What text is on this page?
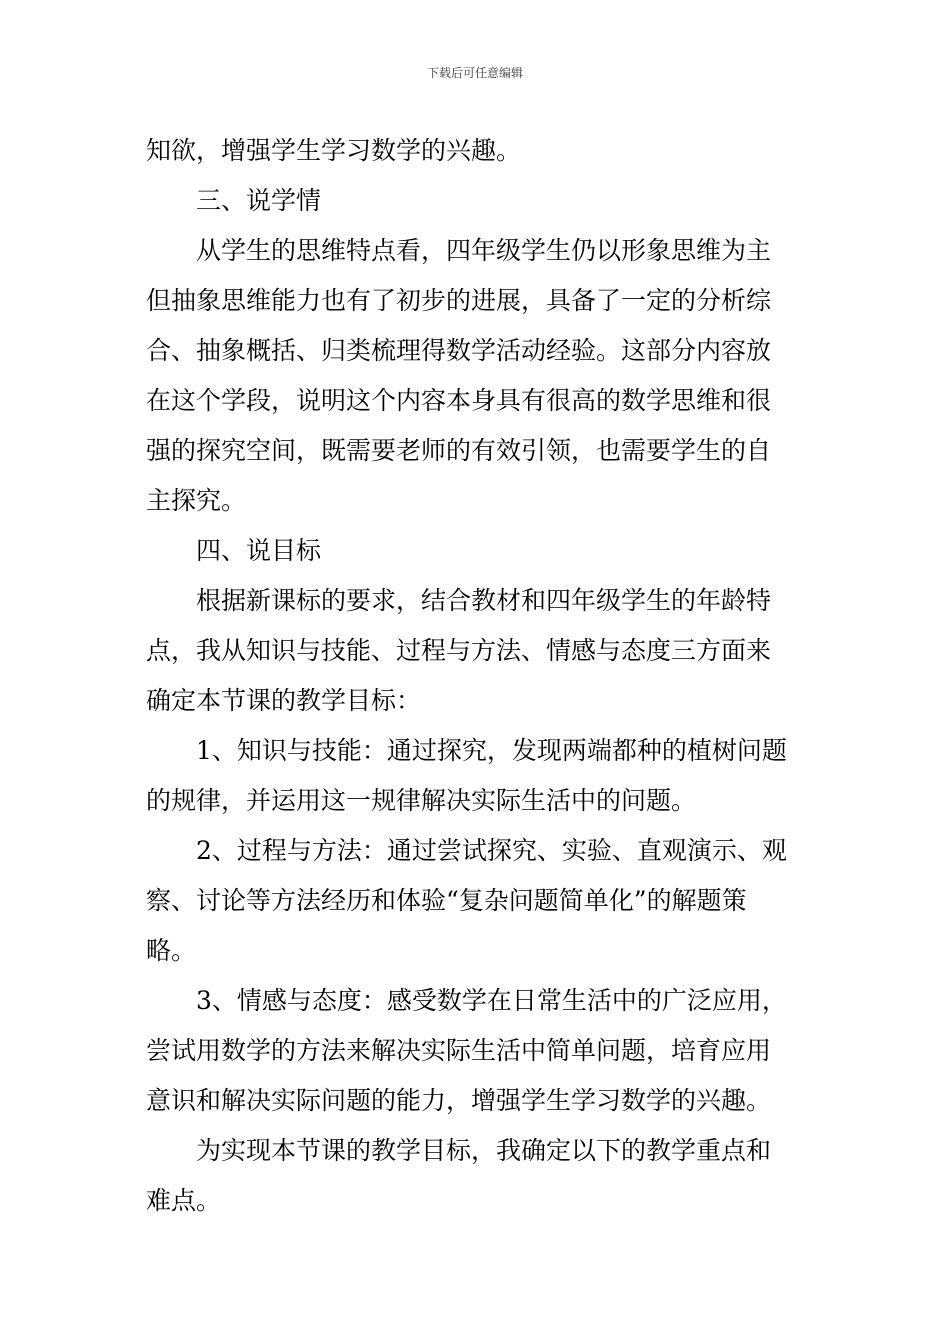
下载后可任意编辑
知欲，增强学生学习数学的兴趣。
三、说学情
从学生的思维特点看，四年级学生仍以形象思维为主
但抽象思维能力也有了初步的进展，具备了一定的分析综
合、抽象概括、归类梳理得数学活动经验。这部分内容放
在这个学段，说明这个内容本身具有很高的数学思维和很
强的探究空间，既需要老师的有效引领，也需要学生的自
主探究。
四、说目标
根据新课标的要求，结合教材和四年级学生的年龄特
点，我从知识与技能、过程与方法、情感与态度三方面来
确定本节课的教学目标：
1、知识与技能：通过探究，发现两端都种的植树问题
的规律，并运用这一规律解决实际生活中的问题。
2、过程与方法：通过尝试探究、实验、直观演示、观
察、讨论等方法经历和体验“复杂问题简单化”的解题策
略。
3、情感与态度：感受数学在日常生活中的广泛应用，
尝试用数学的方法来解决实际生活中简单问题，培育应用
意识和解决实际问题的能力，增强学生学习数学的兴趣。
为实现本节课的教学目标，我确定以下的教学重点和
难点。
